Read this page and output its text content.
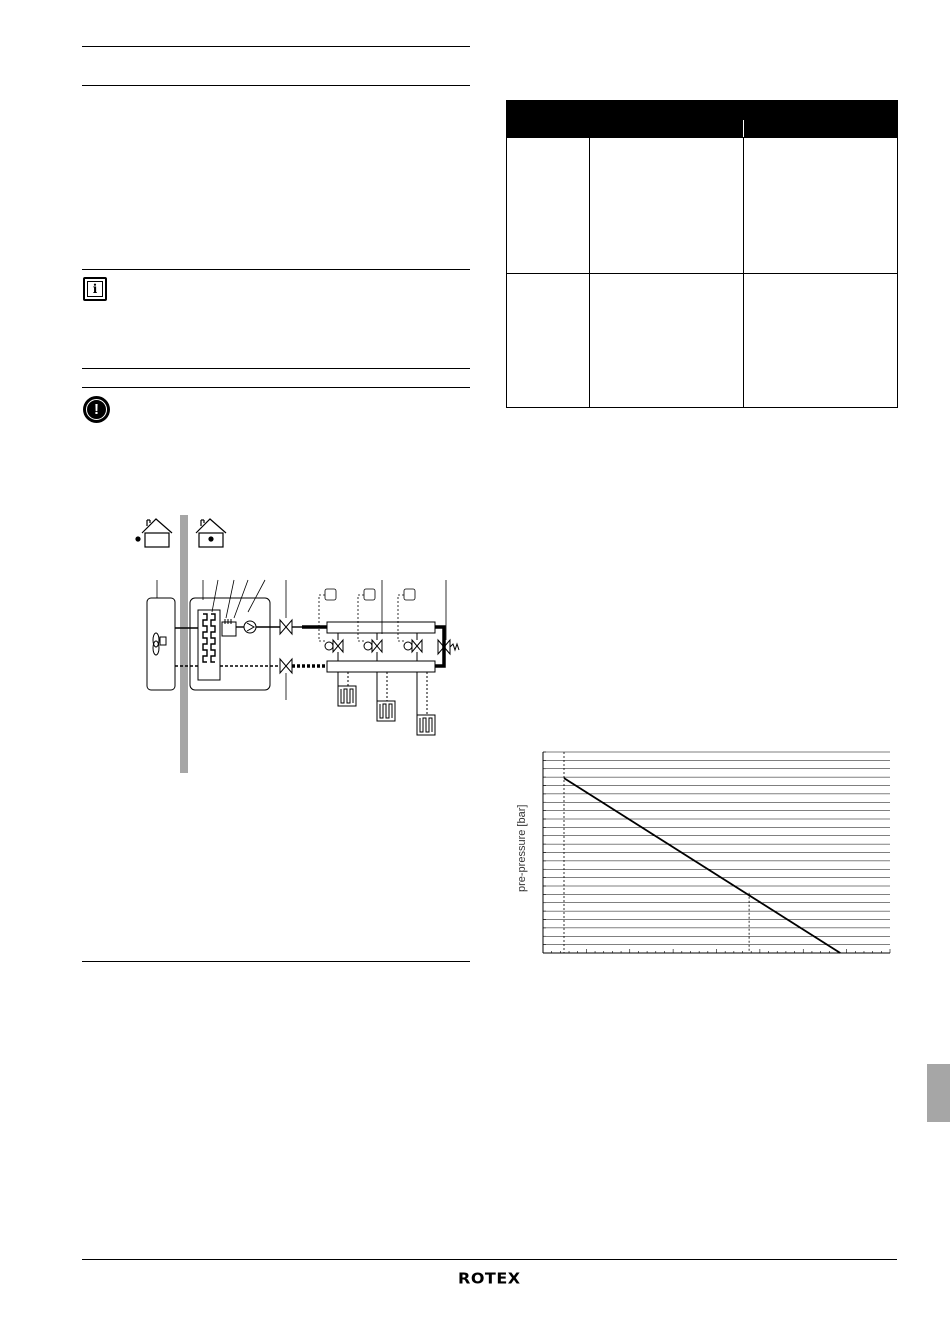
i
!

pre-pressure [bar]
ROTEX
